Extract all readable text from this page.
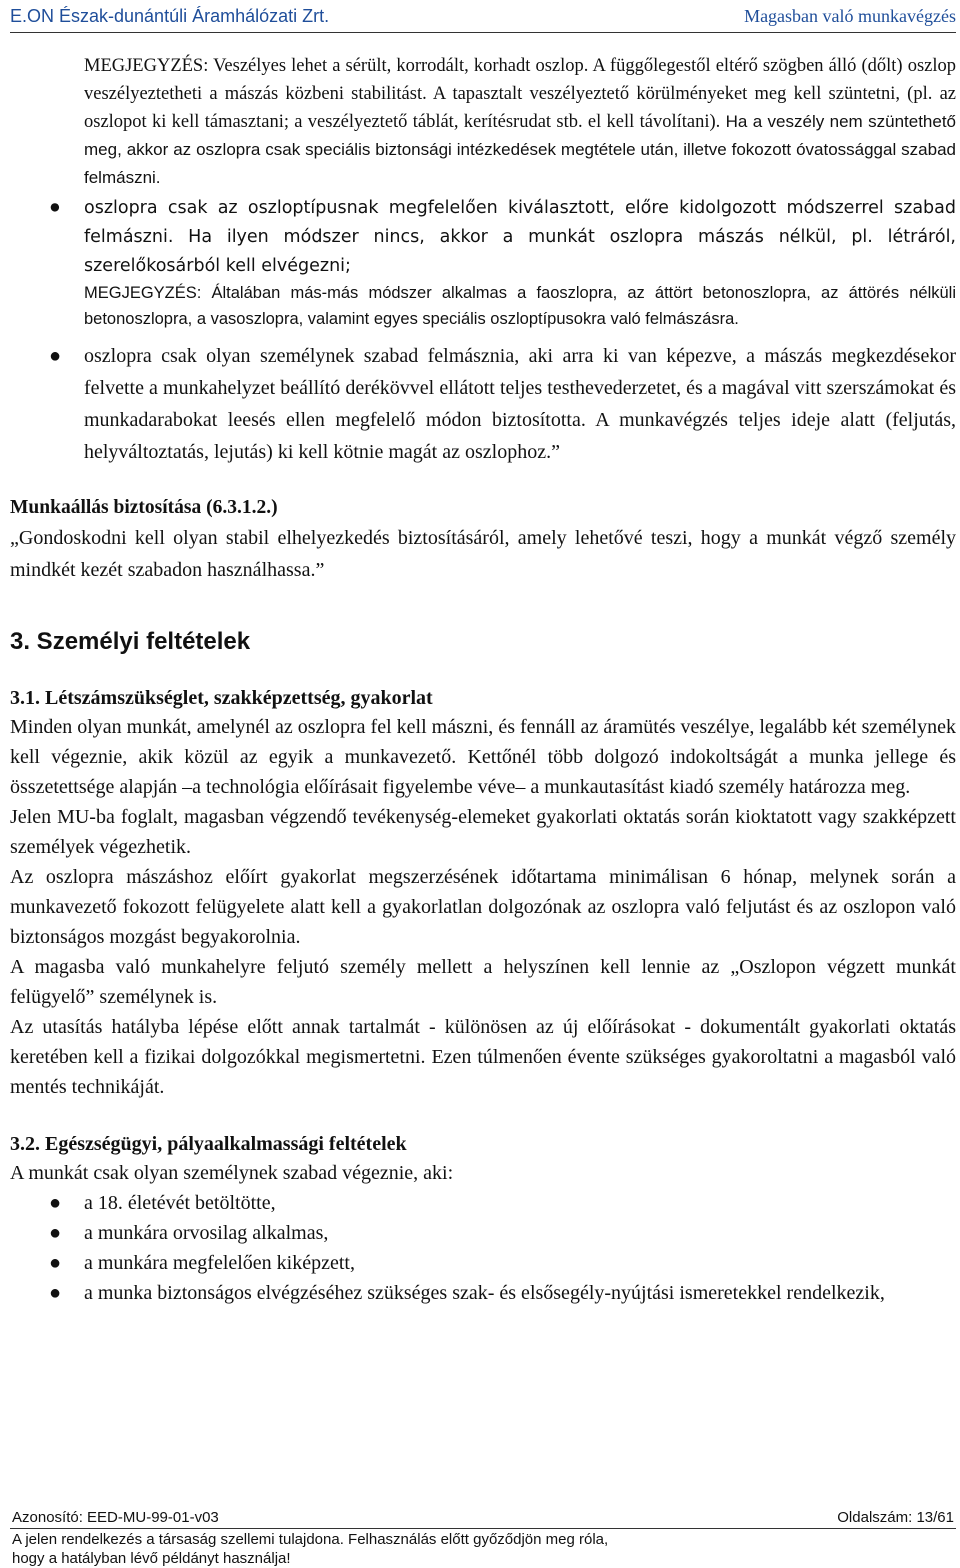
E.ON Észak-dunántúli Áramhálózati Zrt.	Magasban való munkavégzés

MEGJEGYZÉS: Veszélyes lehet a sérült, korrodált, korhadt oszlop. A függőlegestől eltérő szögben álló (dőlt) oszlop veszélyeztetheti a mászás közbeni stabilitást. A tapasztalt veszélyeztető körülményeket meg kell szüntetni, (pl. az oszlopot ki kell támasztani; a veszélyeztető táblát, kerítésrudat stb. el kell távolítani). Ha a veszély nem szüntethető meg, akkor az oszlopra csak speciális biztonsági intézkedések megtétele után, illetve fokozott óvatossággal szabad felmászni.

● oszlopra csak az oszloptípusnak megfelelően kiválasztott, előre kidolgozott módszerrel szabad felmászni. Ha ilyen módszer nincs, akkor a munkát oszlopra mászás nélkül, pl. létráról, szerelőkosárból kell elvégezni;

MEGJEGYZÉS: Általában más-más módszer alkalmas a faoszlopra, az áttört betonoszlopra, az áttörés nélküli betonoszlopra, a vasoszlopra, valamint egyes speciális oszloptípusokra való felmászásra.

● oszlopra csak olyan személynek szabad felmásznia, aki arra ki van képezve, a mászás megkezdésekor felvette a munkahelyzet beállító derékövvel ellátott teljes testhevederzetet, és a magával vitt szerszámokat és munkadarabokat leesés ellen megfelelő módon biztosította. A munkavégzés teljes ideje alatt (feljutás, helyváltoztatás, lejutás) ki kell kötnie magát az oszlophoz.”

Munkaállás biztosítása (6.3.1.2.)

„Gondoskodni kell olyan stabil elhelyezkedés biztosításáról, amely lehetővé teszi, hogy a munkát végző személy mindkét kezét szabadon használhassa.”

3. Személyi feltételek
3.1. Létszámszükséglet, szakképzettség, gyakorlat

Minden olyan munkát, amelynél az oszlopra fel kell mászni, és fennáll az áramütés veszélye, legalább két személynek kell végeznie, akik közül az egyik a munkavezető. Kettőnél több dolgozó indokoltságát a munka jellege és összetettsége alapján –a technológia előírásait figyelembe véve– a munkautasítást kiadó személy határozza meg.

Jelen MU-ba foglalt, magasban végzendő tevékenység-elemeket gyakorlati oktatás során kioktatott vagy szakképzett személyek végezhetik.

Az oszlopra mászáshoz előírt gyakorlat megszerzésének időtartama minimálisan 6 hónap, melynek során a munkavezető fokozott felügyelete alatt kell a gyakorlatlan dolgozónak az oszlopra való feljutást és az oszlopon való biztonságos mozgást begyakorolnia.

A magasba való munkahelyre feljutó személy mellett a helyszínen kell lennie az „Oszlopon végzett munkát felügyelő” személynek is.

Az utasítás hatályba lépése előtt annak tartalmát - különösen az új előírásokat - dokumentált gyakorlati oktatás keretében kell a fizikai dolgozókkal megismertetni. Ezen túlmenően évente szükséges gyakoroltatni a magasból való mentés technikáját.

3.2. Egészségügyi, pályaalkalmassági feltételek

A munkát csak olyan személynek szabad végeznie, aki:

● a 18. életévét betöltötte,

● a munkára orvosilag alkalmas,

● a munkára megfelelően kiképzett,

● a munka biztonságos elvégzéséhez szükséges szak- és elsősegély-nyújtási ismeretekkel rendelkezik,

Azonosító: EED-MU-99-01-v03	Oldalszám: 13/61
A jelen rendelkezés a társaság szellemi tulajdona. Felhasználás előtt győződjön meg róla,
hogy a hatályban lévő példányt használja!
